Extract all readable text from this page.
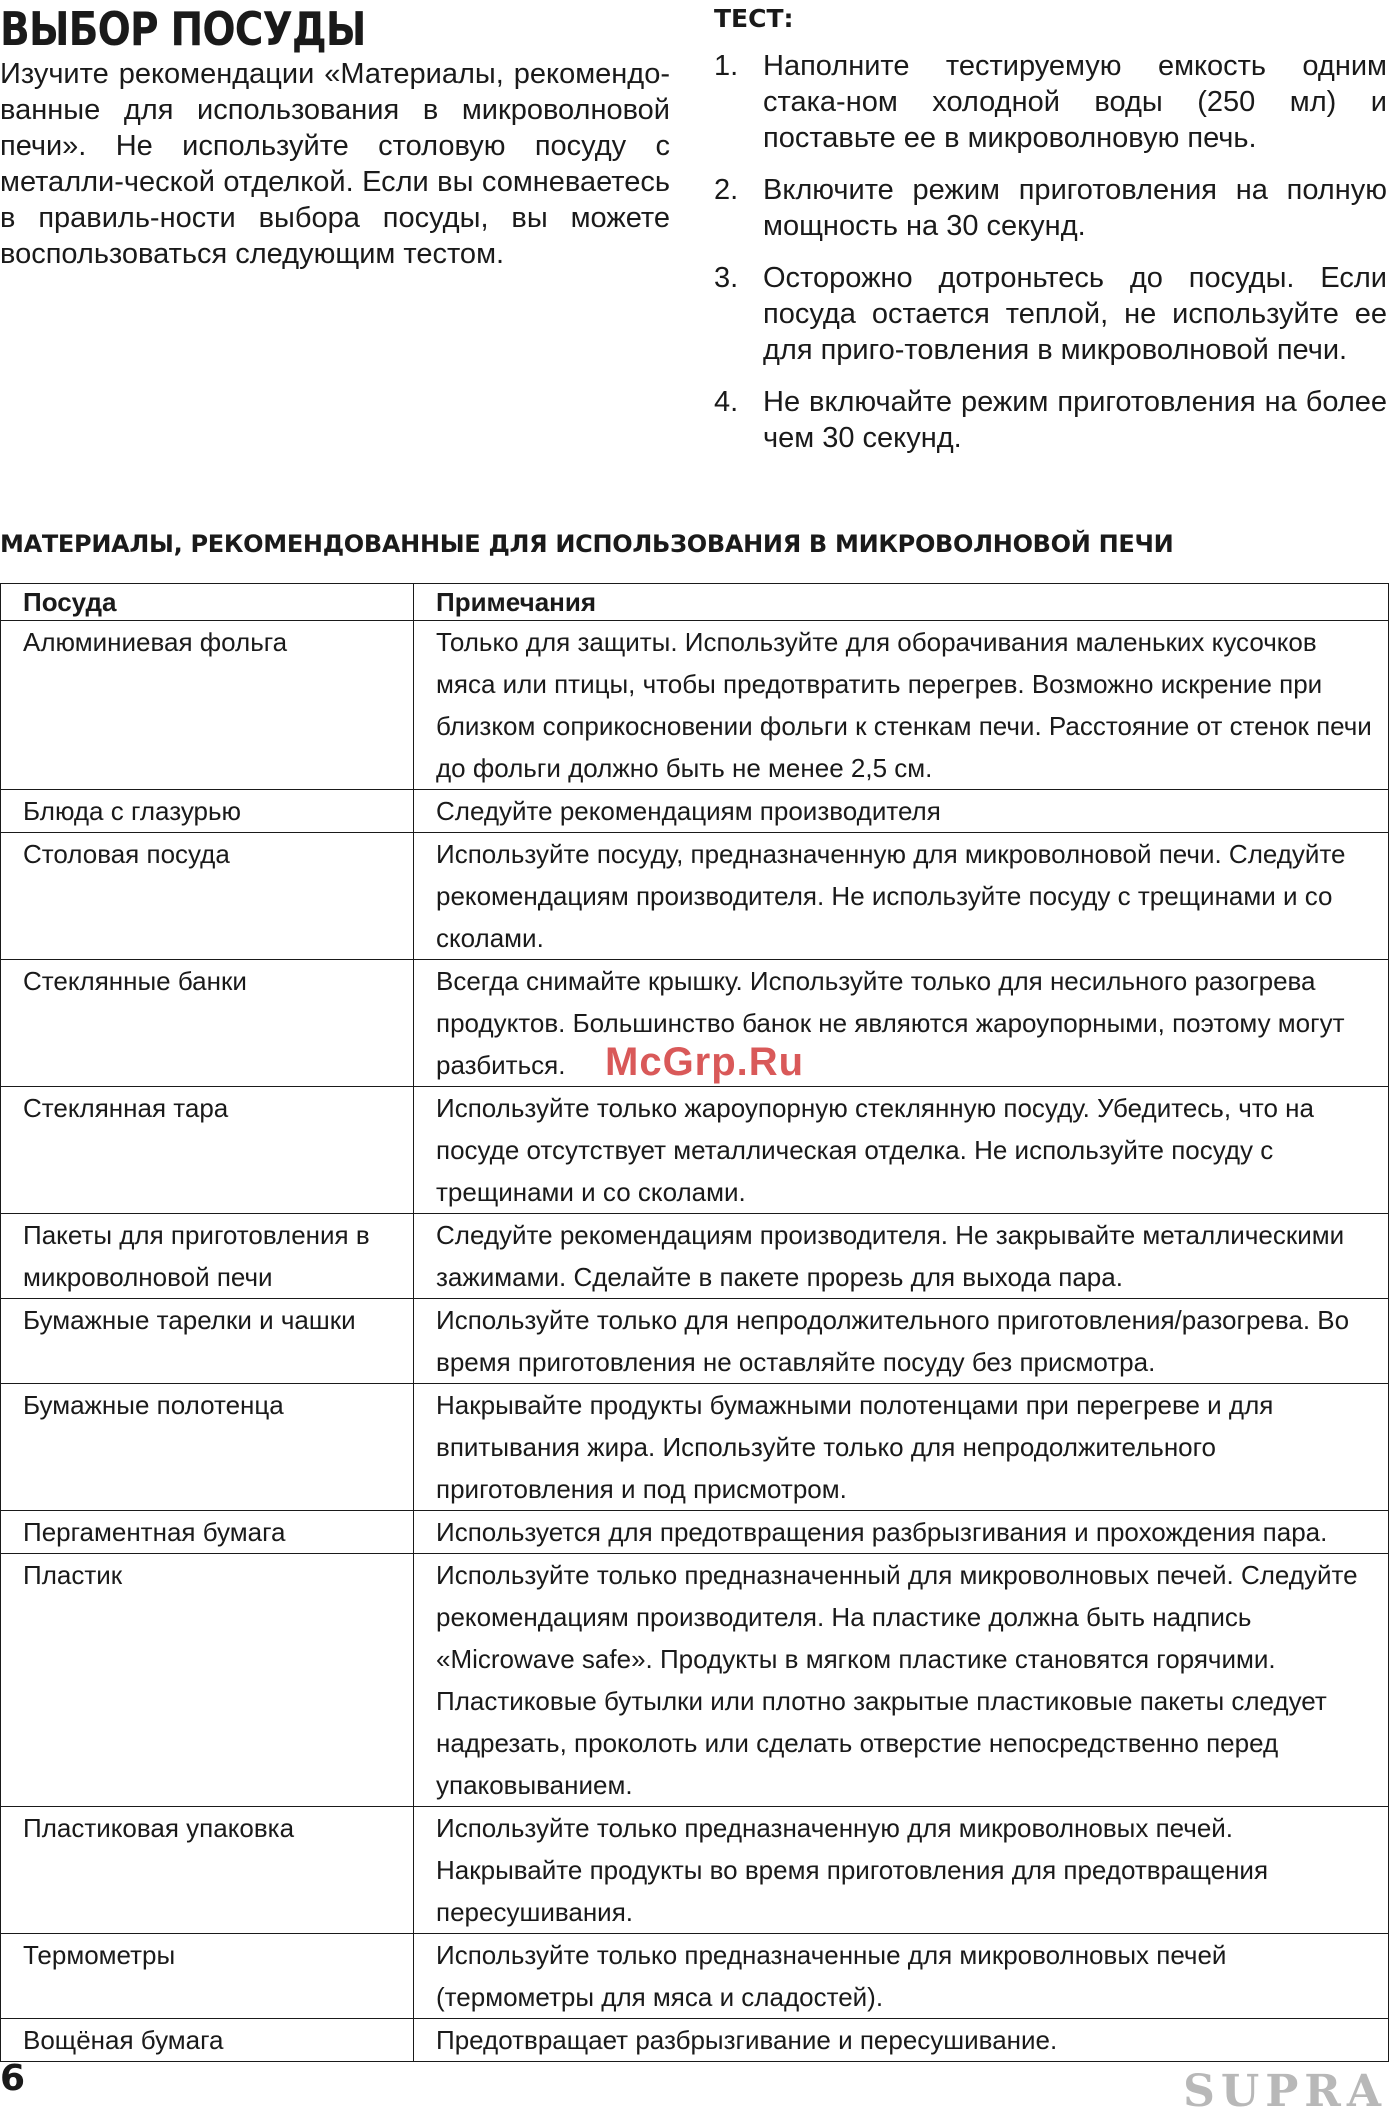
ВЫБОР ПОСУДЫ

Изучите рекомендации «Материалы, рекомендо-ванные для использования в микроволновой печи». Не используйте столовую посуду с металли-ческой отделкой. Если вы сомневаетесь в правиль-ности выбора посуды, вы можете воспользоваться следующим тестом.

ТЕСТ:
1. Наполните тестируемую емкость одним стака-ном холодной воды (250 мл) и поставьте ее в микроволновую печь.
2. Включите режим приготовления на полную мощность на 30 секунд.
3. Осторожно дотроньтесь до посуды. Если посуда остается теплой, не используйте ее для приго-товления в микроволновой печи.
4. Не включайте режим приготовления на более чем 30 секунд.
МАТЕРИАЛЫ, РЕКОМЕНДОВАННЫЕ ДЛЯ ИСПОЛЬЗОВАНИЯ В МИКРОВОЛНОВОЙ ПЕЧИ
Посуда	Примечания
Алюминиевая фольга	Только для защиты. Используйте для оборачивания маленьких кусочков мяса или птицы, чтобы предотвратить перегрев. Возможно искрение при близком соприкосновении фольги к стенкам печи. Расстояние от стенок печи до фольги должно быть не менее 2,5 см.
Блюда с глазурью	Следуйте рекомендациям производителя
Столовая посуда	Используйте посуду, предназначенную для микроволновой печи. Следуйте рекомендациям производителя. Не используйте посуду с трещинами и со сколами.
Стеклянные банки	Всегда снимайте крышку. Используйте только для несильного разогрева продуктов. Большинство банок не являются жароупорными, поэтому могут разбиться.
Стеклянная тара	Используйте только жароупорную стеклянную посуду. Убедитесь, что на посуде отсутствует металлическая отделка. Не используйте посуду с трещинами и со сколами.
Пакеты для приготовления в микроволновой печи	Следуйте рекомендациям производителя. Не закрывайте металлическими зажимами. Сделайте в пакете прорезь для выхода пара.
Бумажные тарелки и чашки	Используйте только для непродолжительного приготовления/разогрева. Во время приготовления не оставляйте посуду без присмотра.
Бумажные полотенца	Накрывайте продукты бумажными полотенцами при перегреве и для впитывания жира. Используйте только для непродолжительного приготовления и под присмотром.
Пергаментная бумага	Используется для предотвращения разбрызгивания и прохождения пара.
Пластик	Используйте только предназначенный для микроволновых печей. Следуйте рекомендациям производителя. На пластике должна быть надпись «Microwave safe». Продукты в мягком пластике становятся горячими. Пластиковые бутылки или плотно закрытые пластиковые пакеты следует надрезать, проколоть или сделать отверстие непосредственно перед упаковыванием.
Пластиковая упаковка	Используйте только предназначенную для микроволновых печей. Накрывайте продукты во время приготовления для предотвращения пересушивания.
Термометры	Используйте только предназначенные для микроволновых печей (термометры для мяса и сладостей).
Вощёная бумага	Предотвращает разбрызгивание и пересушивание.
McGrp.Ru
6	SUPRA
